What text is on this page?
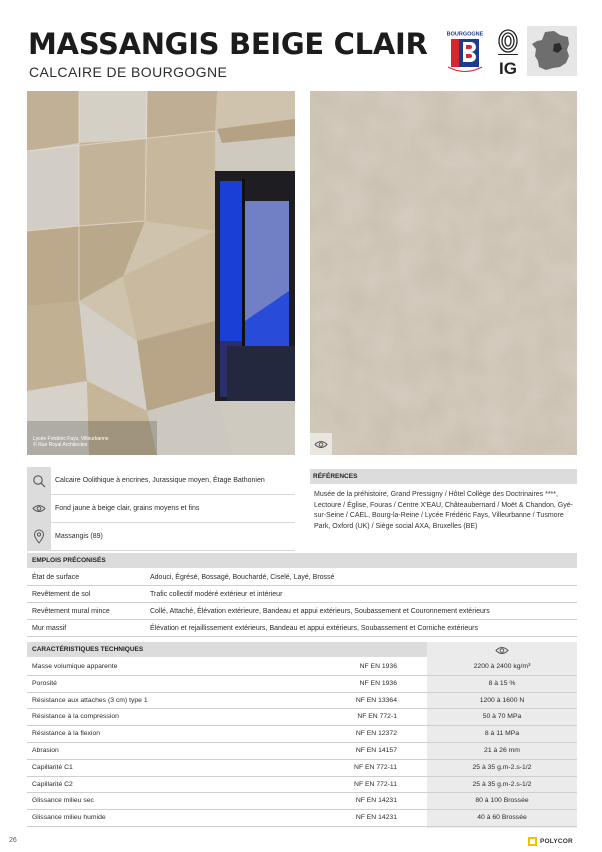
MASSANGIS BEIGE CLAIR
CALCAIRE DE BOURGOGNE
BOURGOGNE
IG
Lycée Frédéric Fays, Villeurbanne
© Rue Royal Architectes
Calcaire Oolithique à encrines, Jurassique moyen, Étage Bathonien
Fond jaune à beige clair, grains moyens et fins
Massangis (89)
RÉFÉRENCES
Musée de la préhistoire, Grand Pressigny / Hôtel Collège des Doctrinaires ****, Lectoure / Église, Fouras / Centre X'EAU, Châteaubernard / Moët & Chandon, Gyé-sur-Seine / CAEL, Bourg-la-Reine / Lycée Frédéric Fays, Villeurbanne / Tusmore Park, Oxford (UK) / Siège social AXA, Bruxelles (BE)
EMPLOIS PRÉCONISÉS
État de surface	Adouci, Égrésé, Bossagé, Bouchardé, Ciselé, Layé, Brossé
Revêtement de sol	Trafic collectif modéré extérieur et intérieur
Revêtement mural mince	Collé, Attaché, Élévation extérieure, Bandeau et appui extérieurs, Soubassement et Couronnement extérieurs
Mur massif	Élévation et rejaillissement extérieurs, Bandeau et appui extérieurs, Soubassement et Corniche extérieurs
CARACTÉRISTIQUES TECHNIQUES
Masse volumique apparente	NF EN 1936	2200 à 2400 kg/m³
Porosité	NF EN 1936	8 à 15 %
Résistance aux attaches (3 cm) type 1	NF EN 13364	1200 à 1600 N
Résistance à la compression	NF EN 772-1	50 à 70 MPa
Résistance à la flexion	NF EN 12372	8 à 11 MPa
Abrasion	NF EN 14157	21 à 26 mm
Capillarité C1	NF EN 772-11	25 à 35 g.m-2.s-1/2
Capillarité C2	NF EN 772-11	25 à 35 g.m-2.s-1/2
Glissance milieu sec	NF EN 14231	80 à 100 Brossée
Glissance milieu humide	NF EN 14231	40 à 60 Brossée
26	POLYCOR
